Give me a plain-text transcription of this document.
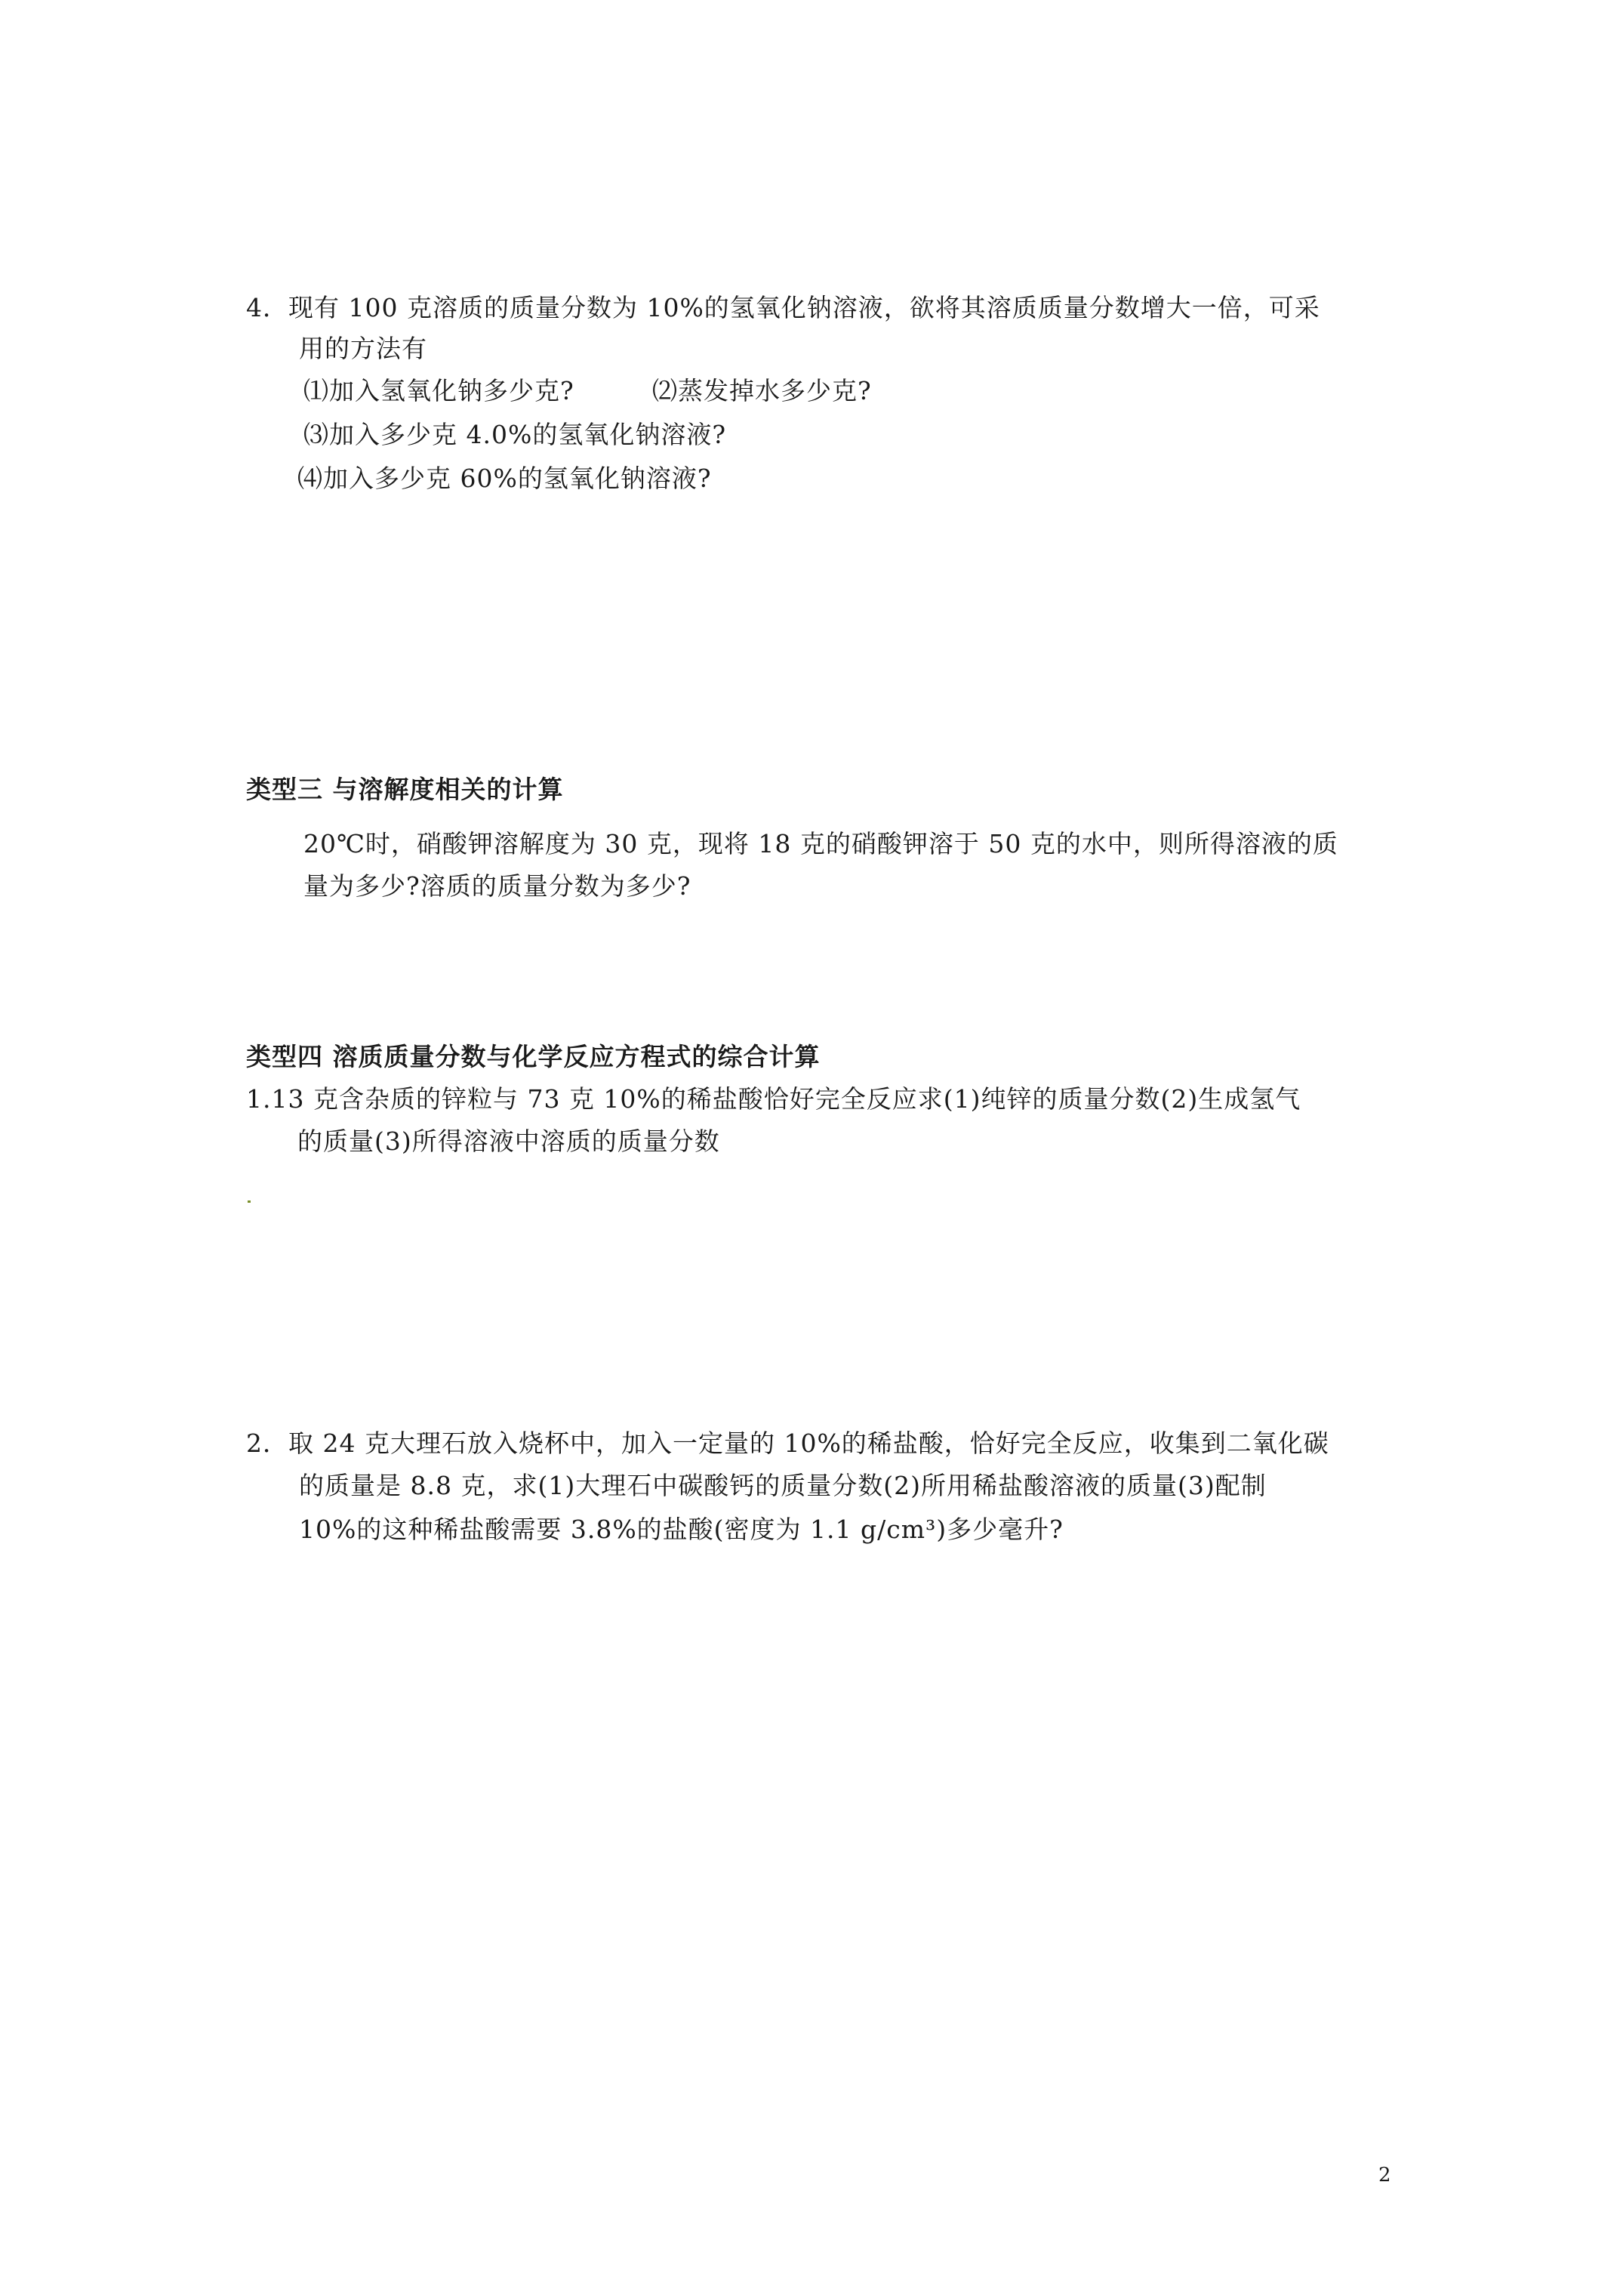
4．现有 100 克溶质的质量分数为 10%的氢氧化钠溶液，欲将其溶质质量分数增大一倍，可采
用的方法有
⑴加入氢氧化钠多少克?	⑵蒸发掉水多少克?
⑶加入多少克 4.0%的氢氧化钠溶液?
⑷加入多少克 60%的氢氧化钠溶液?
类型三 与溶解度相关的计算
20℃时，硝酸钾溶解度为 30 克，现将 18 克的硝酸钾溶于 50 克的水中，则所得溶液的质
量为多少?溶质的质量分数为多少?
类型四 溶质质量分数与化学反应方程式的综合计算
1.13 克含杂质的锌粒与 73 克 10%的稀盐酸恰好完全反应求(1)纯锌的质量分数(2)生成氢气
的质量(3)所得溶液中溶质的质量分数
2．取 24 克大理石放入烧杯中，加入一定量的 10%的稀盐酸，恰好完全反应，收集到二氧化碳
的质量是 8.8 克，求(1)大理石中碳酸钙的质量分数(2)所用稀盐酸溶液的质量(3)配制
10%的这种稀盐酸需要 3.8%的盐酸(密度为 1.1 g/cm³)多少毫升?
2
